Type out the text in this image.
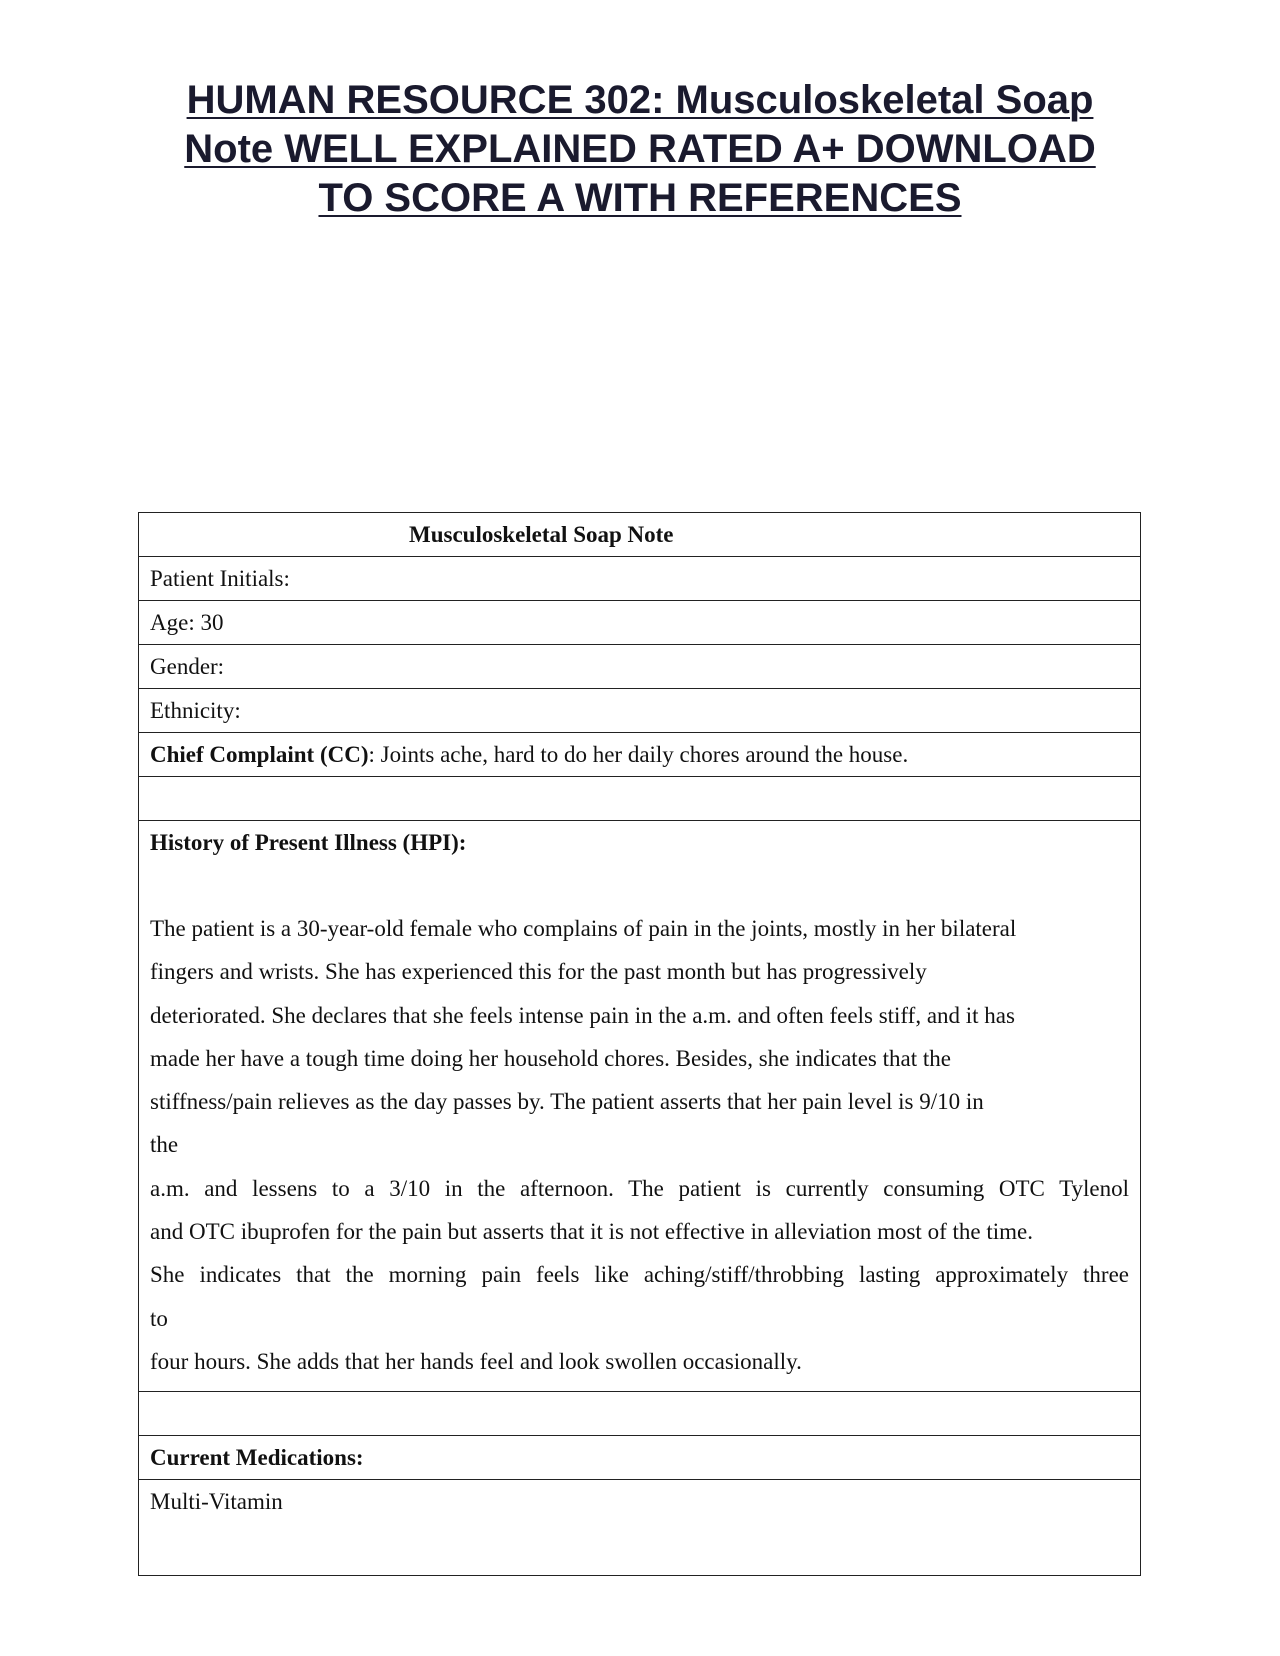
HUMAN RESOURCE 302: Musculoskeletal Soap
Note WELL EXPLAINED RATED A+ DOWNLOAD
TO SCORE A WITH REFERENCES
Musculoskeletal Soap Note
Patient Initials:
Age: 30
Gender:
Ethnicity:
Chief Complaint (CC): Joints ache, hard to do her daily chores around the house.
History of Present Illness (HPI):
The patient is a 30-year-old female who complains of pain in the joints, mostly in her bilateral
fingers and wrists. She has experienced this for the past month but has progressively
deteriorated. She declares that she feels intense pain in the a.m. and often feels stiff, and it has
made her have a tough time doing her household chores. Besides, she indicates that the
stiffness/pain relieves as the day passes by. The patient asserts that her pain level is 9/10 in
the
a.m. and lessens to a 3/10 in the afternoon. The patient is currently consuming OTC Tylenol
and OTC ibuprofen for the pain but asserts that it is not effective in alleviation most of the time.
She indicates that the morning pain feels like aching/stiff/throbbing lasting approximately three
to
four hours. She adds that her hands feel and look swollen occasionally.
Current Medications:
Multi-Vitamin
